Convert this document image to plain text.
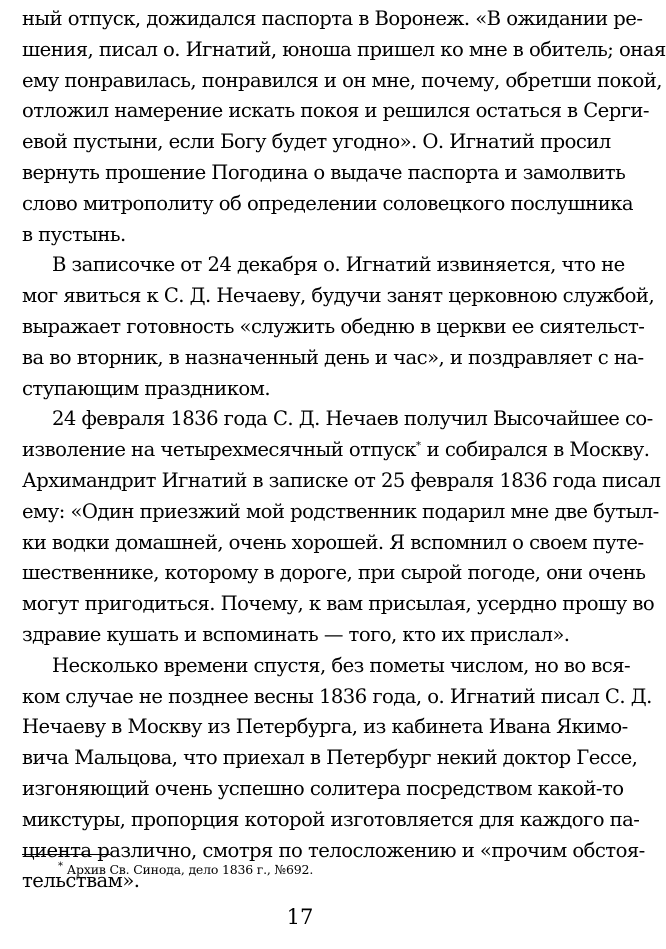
ный отпуск, дожидался паспорта в Воронеж. «В ожидании ре-
шения, писал о. Игнатий, юноша пришел ко мне в обитель; оная
ему понравилась, понравился и он мне, почему, обретши покой,
отложил намерение искать покоя и решился остаться в Серги-
евой пустыни, если Богу будет угодно». О. Игнатий просил
вернуть прошение Погодина о выдаче паспорта и замолвить
слово митрополиту об определении соловецкого послушника
в пустынь.
В записочке от 24 декабря о. Игнатий извиняется, что не
мог явиться к С. Д. Нечаеву, будучи занят церковною службой,
выражает готовность «служить обедню в церкви ее сиятельст-
ва во вторник, в назначенный день и час», и поздравляет с на-
ступающим праздником.
24 февраля 1836 года С. Д. Нечаев получил Высочайшее со-
изволение на четырехмесячный отпуск* и собирался в Москву.
Архимандрит Игнатий в записке от 25 февраля 1836 года писал
ему: «Один приезжий мой родственник подарил мне две бутыл-
ки водки домашней, очень хорошей. Я вспомнил о своем путе-
шественнике, которому в дороге, при сырой погоде, они очень
могут пригодиться. Почему, к вам присылая, усердно прошу во
здравие кушать и вспоминать — того, кто их прислал».
Несколько времени спустя, без пометы числом, но во вся-
ком случае не позднее весны 1836 года, о. Игнатий писал С. Д.
Нечаеву в Москву из Петербурга, из кабинета Ивана Якимо-
вича Мальцова, что приехал в Петербург некий доктор Гессе,
изгоняющий очень успешно солитера посредством какой-то
микстуры, пропорция которой изготовляется для каждого па-
циента различно, смотря по телосложению и «прочим обстоя-
тельствам».
* Архив Св. Синода, дело 1836 г., №692.
17
